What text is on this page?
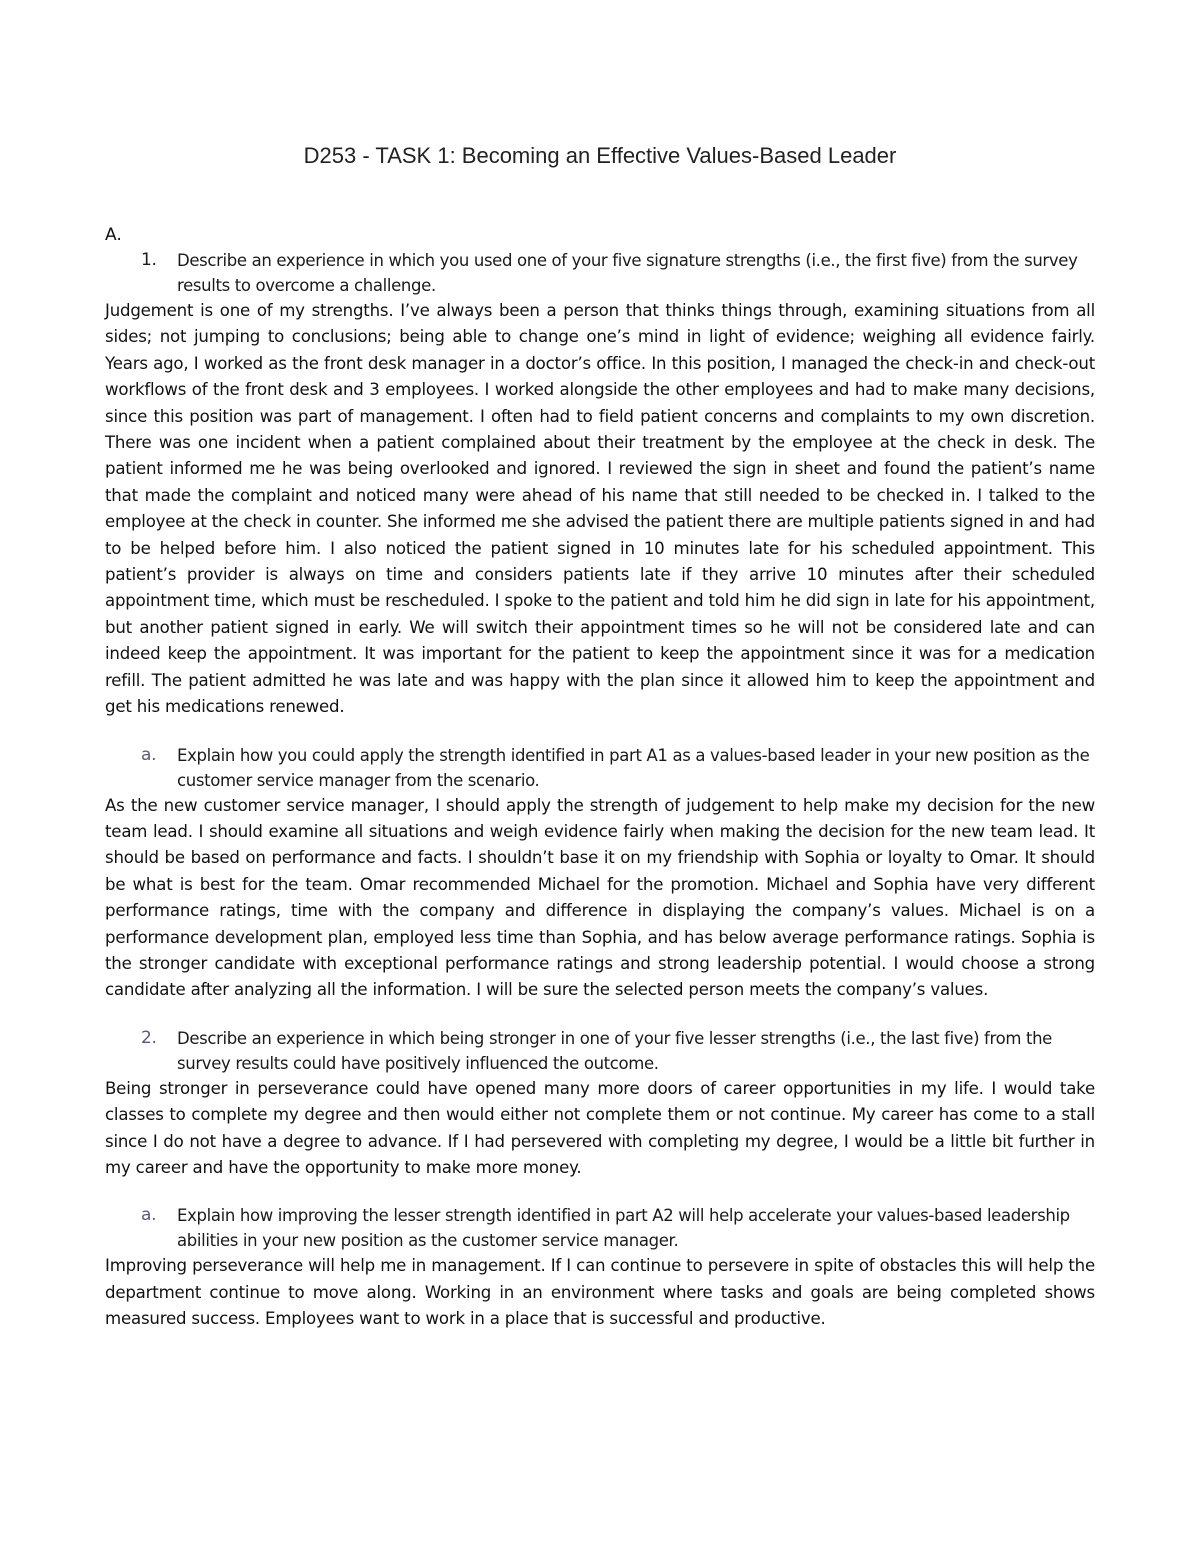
D253 - TASK 1: Becoming an Effective Values-Based Leader

A.

1. Describe an experience in which you used one of your five signature strengths (i.e., the first five) from the survey results to overcome a challenge.

Judgement is one of my strengths. I’ve always been a person that thinks things through, examining situations from all sides; not jumping to conclusions; being able to change one’s mind in light of evidence; weighing all evidence fairly. Years ago, I worked as the front desk manager in a doctor’s office. In this position, I managed the check-in and check-out workflows of the front desk and 3 employees. I worked alongside the other employees and had to make many decisions, since this position was part of management. I often had to field patient concerns and complaints to my own discretion. There was one incident when a patient complained about their treatment by the employee at the check in desk. The patient informed me he was being overlooked and ignored. I reviewed the sign in sheet and found the patient’s name that made the complaint and noticed many were ahead of his name that still needed to be checked in. I talked to the employee at the check in counter. She informed me she advised the patient there are multiple patients signed in and had to be helped before him. I also noticed the patient signed in 10 minutes late for his scheduled appointment. This patient’s provider is always on time and considers patients late if they arrive 10 minutes after their scheduled appointment time, which must be rescheduled. I spoke to the patient and told him he did sign in late for his appointment, but another patient signed in early. We will switch their appointment times so he will not be considered late and can indeed keep the appointment. It was important for the patient to keep the appointment since it was for a medication refill. The patient admitted he was late and was happy with the plan since it allowed him to keep the appointment and get his medications renewed.

a. Explain how you could apply the strength identified in part A1 as a values-based leader in your new position as the customer service manager from the scenario.

As the new customer service manager, I should apply the strength of judgement to help make my decision for the new team lead. I should examine all situations and weigh evidence fairly when making the decision for the new team lead. It should be based on performance and facts. I shouldn’t base it on my friendship with Sophia or loyalty to Omar. It should be what is best for the team. Omar recommended Michael for the promotion. Michael and Sophia have very different performance ratings, time with the company and difference in displaying the company’s values. Michael is on a performance development plan, employed less time than Sophia, and has below average performance ratings. Sophia is the stronger candidate with exceptional performance ratings and strong leadership potential. I would choose a strong candidate after analyzing all the information. I will be sure the selected person meets the company’s values.

2. Describe an experience in which being stronger in one of your five lesser strengths (i.e., the last five) from the survey results could have positively influenced the outcome.

Being stronger in perseverance could have opened many more doors of career opportunities in my life. I would take classes to complete my degree and then would either not complete them or not continue. My career has come to a stall since I do not have a degree to advance. If I had persevered with completing my degree, I would be a little bit further in my career and have the opportunity to make more money.

a. Explain how improving the lesser strength identified in part A2 will help accelerate your values-based leadership abilities in your new position as the customer service manager.

Improving perseverance will help me in management. If I can continue to persevere in spite of obstacles this will help the department continue to move along. Working in an environment where tasks and goals are being completed shows measured success. Employees want to work in a place that is successful and productive.
